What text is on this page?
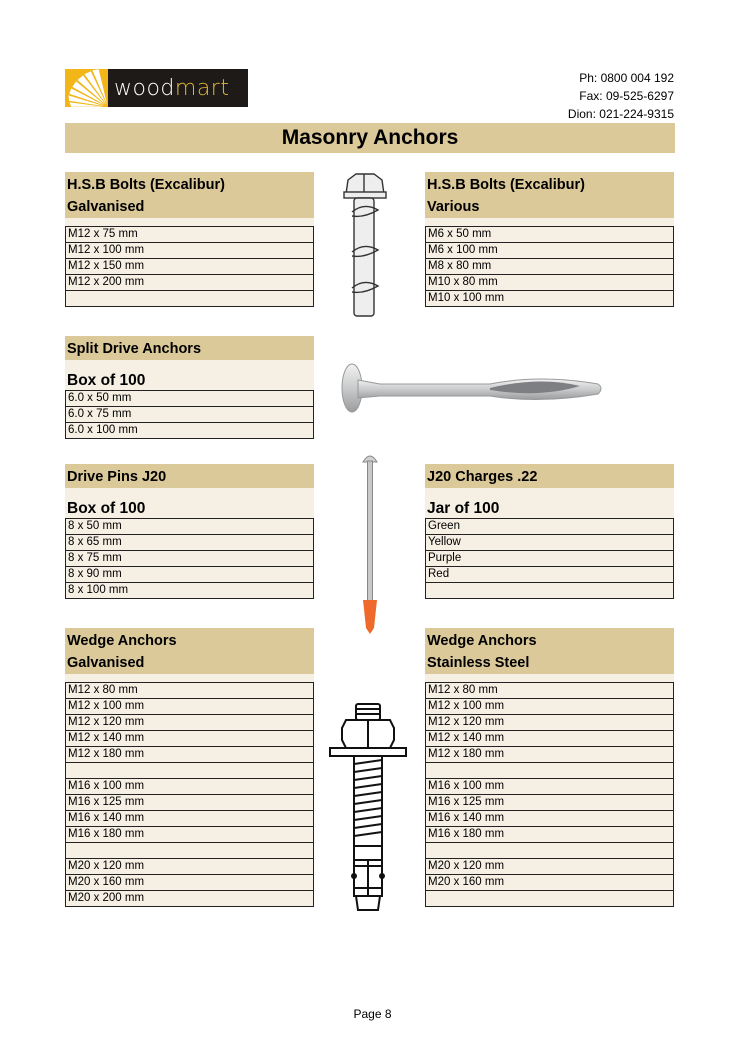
wood mart	Ph: 0800 004 192
Fax: 09-525-6297
Dion: 021-224-9315
Masonry Anchors
H.S.B Bolts (Excalibur)
Galvanised
M12 x 75 mm
M12 x 100 mm
M12 x 150 mm
M12 x 200 mm

H.S.B Bolts (Excalibur)
Various
M6 x 50 mm
M6 x 100 mm
M8 x 80 mm
M10 x 80 mm
M10 x 100 mm
Split Drive Anchors
Box of 100
6.0 x 50 mm
6.0 x 75 mm
6.0 x 100 mm
Drive Pins J20
Box of 100
8 x 50 mm
8 x 65 mm
8 x 75 mm
8 x 90 mm
8 x 100 mm
J20 Charges .22
Jar of 100
Green
Yellow
Purple
Red

Wedge Anchors
Galvanised
M12 x 80 mm
M12 x 100 mm
M12 x 120 mm
M12 x 140 mm
M12 x 180 mm

M16 x 100 mm
M16 x 125 mm
M16 x 140 mm
M16 x 180 mm

M20 x 120 mm
M20 x 160 mm
M20 x 200 mm
Wedge Anchors
Stainless Steel
M12 x 80 mm
M12 x 100 mm
M12 x 120 mm
M12 x 140 mm
M12 x 180 mm

M16 x 100 mm
M16 x 125 mm
M16 x 140 mm
M16 x 180 mm

M20 x 120 mm
M20 x 160 mm

Page 8
